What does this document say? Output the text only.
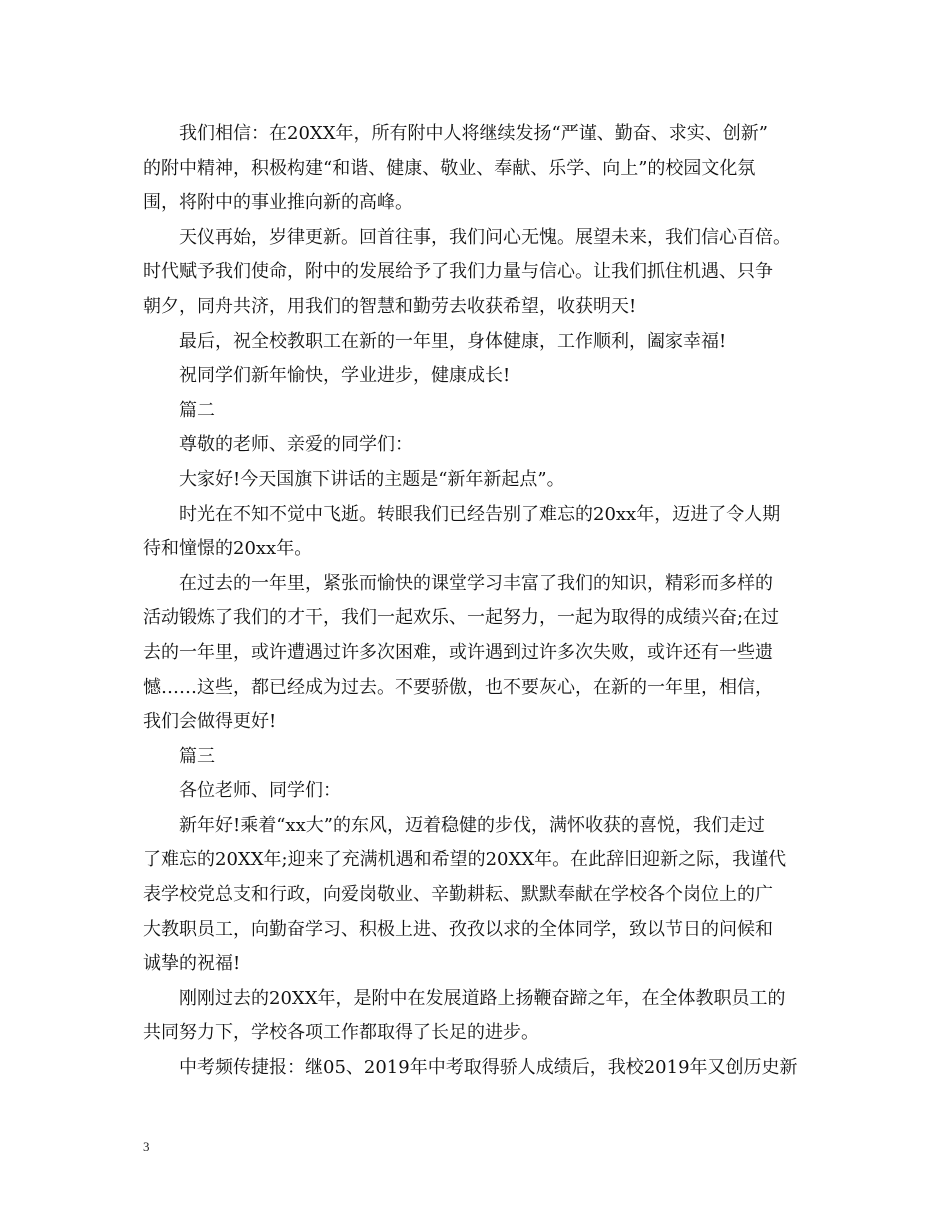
我们相信：在20XX年，所有附中人将继续发扬“严谨、勤奋、求实、创新”
的附中精神，积极构建“和谐、健康、敬业、奉献、乐学、向上”的校园文化氛
围，将附中的事业推向新的高峰。
天仪再始，岁律更新。回首往事，我们问心无愧。展望未来，我们信心百倍。
时代赋予我们使命，附中的发展给予了我们力量与信心。让我们抓住机遇、只争
朝夕，同舟共济，用我们的智慧和勤劳去收获希望，收获明天!
最后，祝全校教职工在新的一年里，身体健康，工作顺利，阖家幸福!
祝同学们新年愉快，学业进步，健康成长!
篇二
尊敬的老师、亲爱的同学们：
大家好!今天国旗下讲话的主题是“新年新起点”。
时光在不知不觉中飞逝。转眼我们已经告别了难忘的20xx年，迈进了令人期
待和憧憬的20xx年。
在过去的一年里，紧张而愉快的课堂学习丰富了我们的知识，精彩而多样的
活动锻炼了我们的才干，我们一起欢乐、一起努力，一起为取得的成绩兴奋;在过
去的一年里，或许遭遇过许多次困难，或许遇到过许多次失败，或许还有一些遗
憾……这些，都已经成为过去。不要骄傲，也不要灰心，在新的一年里，相信，
我们会做得更好!
篇三
各位老师、同学们：
新年好!乘着“xx大”的东风，迈着稳健的步伐，满怀收获的喜悦，我们走过
了难忘的20XX年;迎来了充满机遇和希望的20XX年。在此辞旧迎新之际，我谨代
表学校党总支和行政，向爱岗敬业、辛勤耕耘、默默奉献在学校各个岗位上的广
大教职员工，向勤奋学习、积极上进、孜孜以求的全体同学，致以节日的问候和
诚挚的祝福!
刚刚过去的20XX年，是附中在发展道路上扬鞭奋蹄之年，在全体教职员工的
共同努力下，学校各项工作都取得了长足的进步。
中考频传捷报：继05、2019年中考取得骄人成绩后，我校2019年又创历史新
3
